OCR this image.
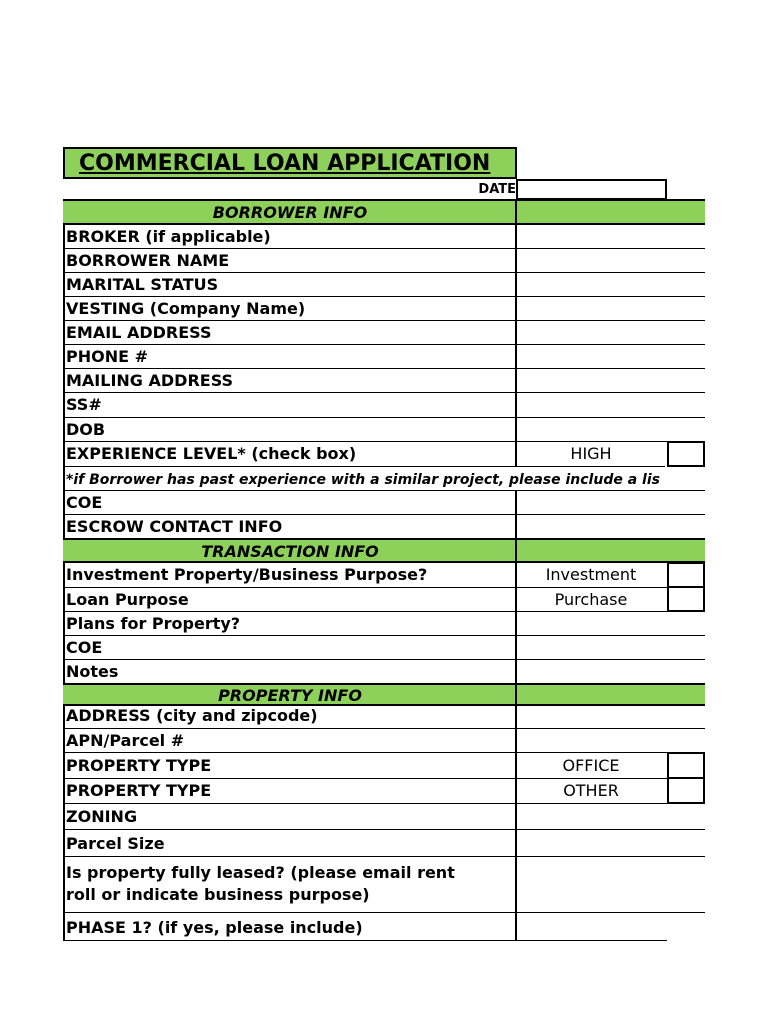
COMMERCIAL LOAN APPLICATION
DATE
BORROWER INFO
BROKER (if applicable)
BORROWER NAME
MARITAL STATUS
VESTING (Company Name)
EMAIL ADDRESS
PHONE #
MAILING ADDRESS
SS#
DOB
EXPERIENCE LEVEL* (check box)	HIGH
*if Borrower has past experience with a similar project, please include a lis
COE
ESCROW CONTACT INFO
TRANSACTION INFO
Investment Property/Business Purpose?	Investment
Loan Purpose	Purchase
Plans for Property?
COE
Notes
PROPERTY INFO
ADDRESS (city and zipcode)
APN/Parcel #
PROPERTY TYPE	OFFICE
PROPERTY TYPE	OTHER
ZONING
Parcel Size
Is property fully leased? (please email rent
roll or indicate business purpose)
PHASE 1? (if yes, please include)
